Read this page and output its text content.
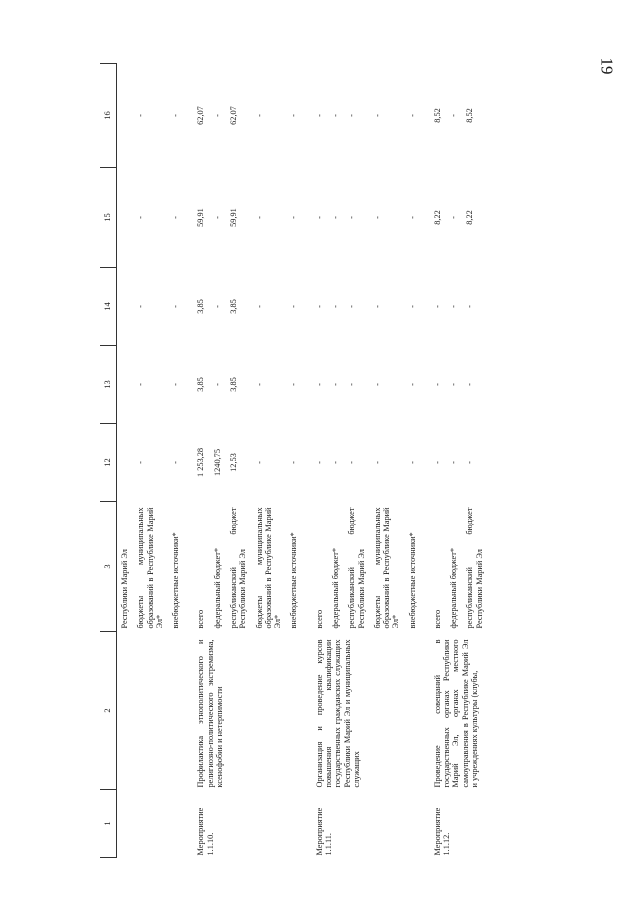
19
1	2	3	12	13	14	15	16
		Республики Марий Эл					
		бюджеты муниципальных образований в Республике Марий Эл*	-	-	-	-	-
		внебюджетные источники*	-	-	-	-	-
Мероприятие 1.1.10.	Профилактика этнополитического и религиозно-политического экстремизма, ксенофобии и нетерпимости	всего	1 253,28	3,85	3,85	59,91	62,07
		федеральный бюджет*	1240,75	-	-	-	-
		республиканский бюджет Республики Марий Эл	12,53	3,85	3,85	59,91	62,07
		бюджеты муниципальных образований в Республике Марий Эл*	-	-	-	-	-
		внебюджетные источники*	-	-	-	-	-
Мероприятие 1.1.11.	Организация и проведение курсов повышения квалификации государственных гражданских служащих Республики Марий Эл и муниципальных служащих	всего	-	-	-	-	-
		федеральный бюджет*	-	-	-	-	-
		республиканский бюджет Республики Марий Эл	-	-	-	-	-
		бюджеты муниципальных образований в Республике Марий Эл*	-	-	-	-	-
		внебюджетные источники*	-	-	-	-	-
Мероприятие 1.1.12.	Проведение совещаний в государственных органах Республики Марий Эл, органах местного самоуправления в Республике Марий Эл и учреждениях культуры (клубы,	всего	-	-	-	8,22	8,52
		федеральный бюджет*	-	-	-	-	-
		республиканский бюджет Республики Марий Эл	-	-	-	8,22	8,52
